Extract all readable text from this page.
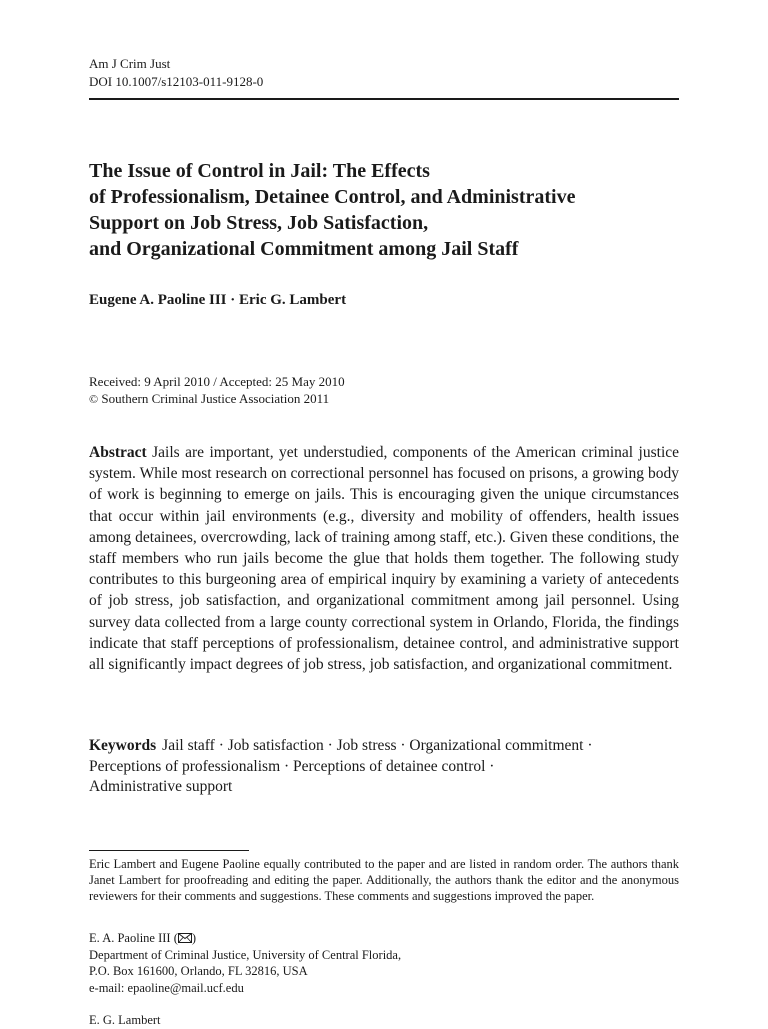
Am J Crim Just
DOI 10.1007/s12103-011-9128-0
The Issue of Control in Jail: The Effects
of Professionalism, Detainee Control, and Administrative
Support on Job Stress, Job Satisfaction,
and Organizational Commitment among Jail Staff
Eugene A. Paoline III · Eric G. Lambert
Received: 9 April 2010 / Accepted: 25 May 2010
© Southern Criminal Justice Association 2011

Abstract Jails are important, yet understudied, components of the American criminal justice system. While most research on correctional personnel has focused on prisons, a growing body of work is beginning to emerge on jails. This is encouraging given the unique circumstances that occur within jail environments (e.g., diversity and mobility of offenders, health issues among detainees, overcrowding, lack of training among staff, etc.). Given these conditions, the staff members who run jails become the glue that holds them together. The following study contributes to this burgeoning area of empirical inquiry by examining a variety of antecedents of job stress, job satisfaction, and organizational commitment among jail personnel. Using survey data collected from a large county correctional system in Orlando, Florida, the findings indicate that staff perceptions of professionalism, detainee control, and administrative support all significantly impact degrees of job stress, job satisfaction, and organizational commitment.

Keywords Jail staff · Job satisfaction · Job stress · Organizational commitment ·
Perceptions of professionalism · Perceptions of detainee control ·
Administrative support

Eric Lambert and Eugene Paoline equally contributed to the paper and are listed in random order. The authors thank Janet Lambert for proofreading and editing the paper. Additionally, the authors thank the editor and the anonymous reviewers for their comments and suggestions. These comments and suggestions improved the paper.

E. A. Paoline III ( )
Department of Criminal Justice, University of Central Florida,
P.O. Box 161600, Orlando, FL 32816, USA
e-mail: epaoline@mail.ucf.edu
E. G. Lambert
